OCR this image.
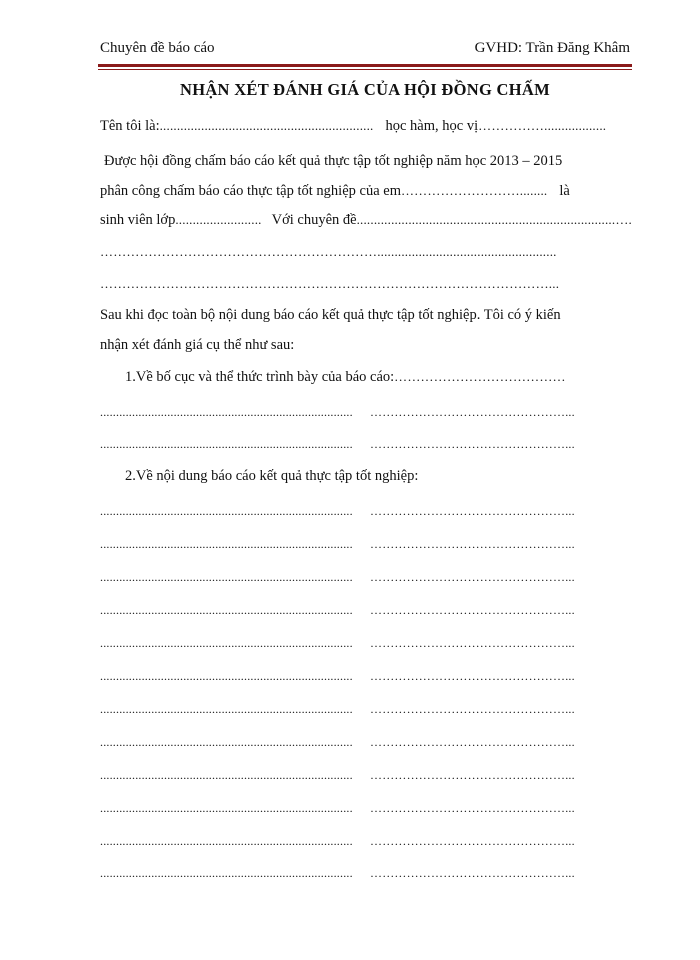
Chuyên đề báo cáo	GVHD: Trần Đăng Khâm
NHẬN XÉT ĐÁNH GIÁ CỦA HỘI ĐỒNG CHẤM
Tên tôi là:.............................................................. học hàm, học vị……………..................
Được hội đồng chấm báo cáo kết quả thực tập tốt nghiệp năm học 2013 – 2015
phân công chấm báo cáo thực tập tốt nghiệp của em………………………........ là
sinh viên lớp......................... Với chuyên đề...........................................................................….
………………………………………………………....................................................
…………………………………………………………………………………………...
Sau khi đọc toàn bộ nội dung báo cáo kết quả thực tập tốt nghiệp. Tôi có ý kiến
nhận xét đánh giá cụ thể như sau:
1.Về bố cục và thể thức trình bày của báo cáo:…………………………………
............................................................................... …………………………………………...
............................................................................... …………………………………………...
2.Về nội dung báo cáo kết quả thực tập tốt nghiệp:
............................................................................... …………………………………………...
............................................................................... …………………………………………...
............................................................................... …………………………………………...
............................................................................... …………………………………………...
............................................................................... …………………………………………...
............................................................................... …………………………………………...
............................................................................... …………………………………………...
............................................................................... …………………………………………...
............................................................................... …………………………………………...
............................................................................... …………………………………………...
............................................................................... …………………………………………...
............................................................................... …………………………………………...
